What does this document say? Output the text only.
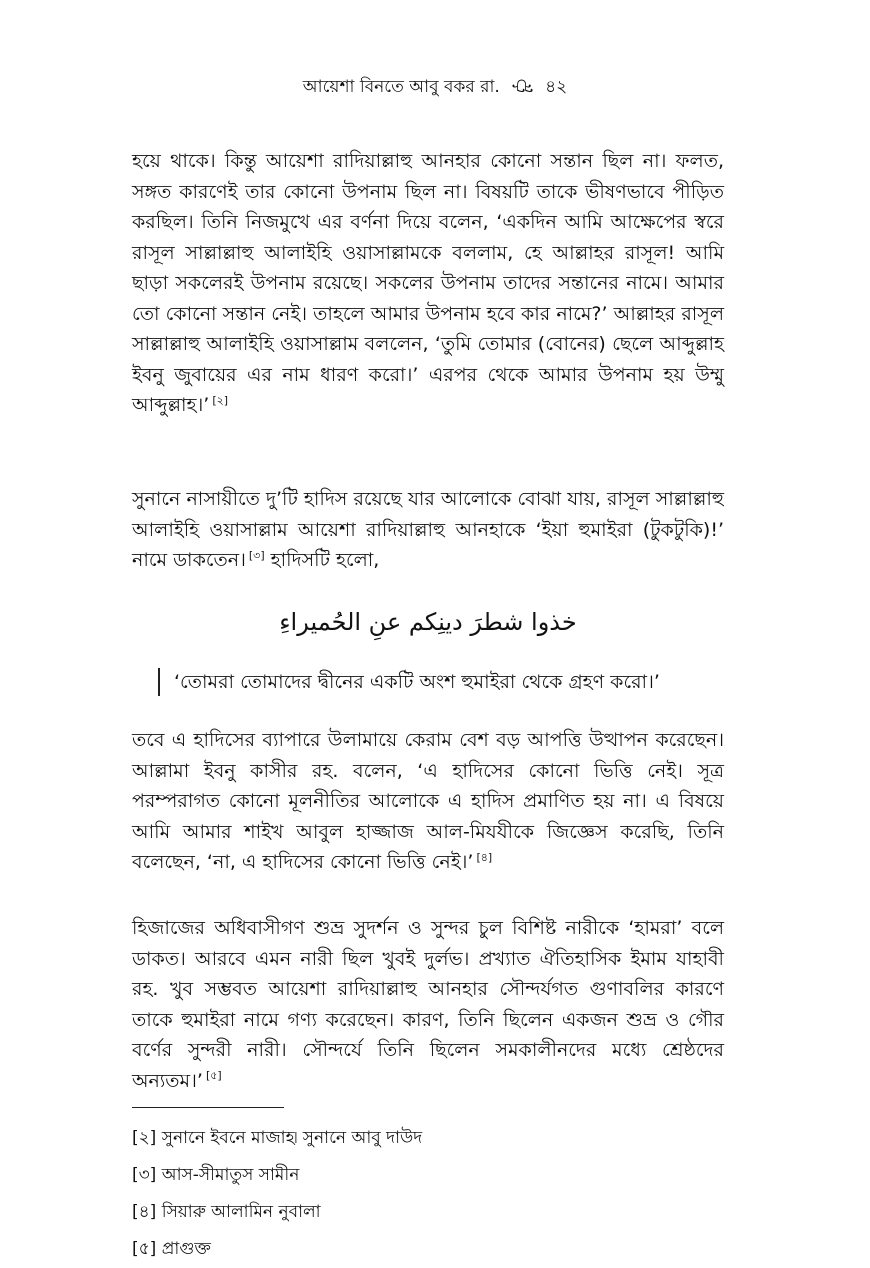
আয়েশা বিনতে আবু বকর রা. ꘐ ৪২
হয়ে থাকে। কিন্তু আয়েশা রাদিয়াল্লাহু আনহার কোনো সন্তান ছিল না। ফলত, সঙ্গত কারণেই তার কোনো উপনাম ছিল না। বিষয়টি তাকে ভীষণভাবে পীড়িত করছিল। তিনি নিজমুখে এর বর্ণনা দিয়ে বলেন, ‘একদিন আমি আক্ষেপের স্বরে রাসূল সাল্লাল্লাহু আলাইহি ওয়াসাল্লামকে বললাম, হে আল্লাহর রাসূল! আমি ছাড়া সকলেরই উপনাম রয়েছে। সকলের উপনাম তাদের সন্তানের নামে। আমার তো কোনো সন্তান নেই। তাহলে আমার উপনাম হবে কার নামে?’ আল্লাহর রাসূল সাল্লাল্লাহু আলাইহি ওয়াসাল্লাম বললেন, ‘তুমি তোমার (বোনের) ছেলে আব্দুল্লাহ ইবনু জুবায়ের এর নাম ধারণ করো।’ এরপর থেকে আমার উপনাম হয় উম্মু আব্দুল্লাহ।’ [২]
সুনানে নাসায়ীতে দু’টি হাদিস রয়েছে যার আলোকে বোঝা যায়, রাসূল সাল্লাল্লাহু আলাইহি ওয়াসাল্লাম আয়েশা রাদিয়াল্লাহু আনহাকে ‘ইয়া হুমাইরা (টুকটুকি)!’ নামে ডাকতেন। [৩] হাদিসটি হলো,
خذوا شطرَ دينِكم عنِ الحُميراءِ
‘তোমরা তোমাদের দ্বীনের একটি অংশ হুমাইরা থেকে গ্রহণ করো।’
তবে এ হাদিসের ব্যাপারে উলামায়ে কেরাম বেশ বড় আপত্তি উত্থাপন করেছেন। আল্লামা ইবনু কাসীর রহ. বলেন, ‘এ হাদিসের কোনো ভিত্তি নেই। সূত্র পরম্পরাগত কোনো মূলনীতির আলোকে এ হাদিস প্রমাণিত হয় না। এ বিষয়ে আমি আমার শাইখ আবুল হাজ্জাজ আল-মিযযীকে জিজ্ঞেস করেছি, তিনি বলেছেন, ‘না, এ হাদিসের কোনো ভিত্তি নেই।’ [৪]
হিজাজের অধিবাসীগণ শুভ্র সুদর্শন ও সুন্দর চুল বিশিষ্ট নারীকে ‘হামরা’ বলে ডাকত। আরবে এমন নারী ছিল খুবই দুর্লভ। প্রখ্যাত ঐতিহাসিক ইমাম যাহাবী রহ. খুব সম্ভবত আয়েশা রাদিয়াল্লাহু আনহার সৌন্দর্যগত গুণাবলির কারণে তাকে হুমাইরা নামে গণ্য করেছেন। কারণ, তিনি ছিলেন একজন শুভ্র ও গৌর বর্ণের সুন্দরী নারী। সৌন্দর্যে তিনি ছিলেন সমকালীনদের মধ্যে শ্রেষ্ঠদের অন্যতম।’ [৫]
[২] সুনানে ইবনে মাজাহ৷ সুনানে আবু দাউদ
[৩] আস-সীমাতুস সামীন
[৪] সিয়ারু আলামিন নুবালা
[৫] প্রাগুক্ত
